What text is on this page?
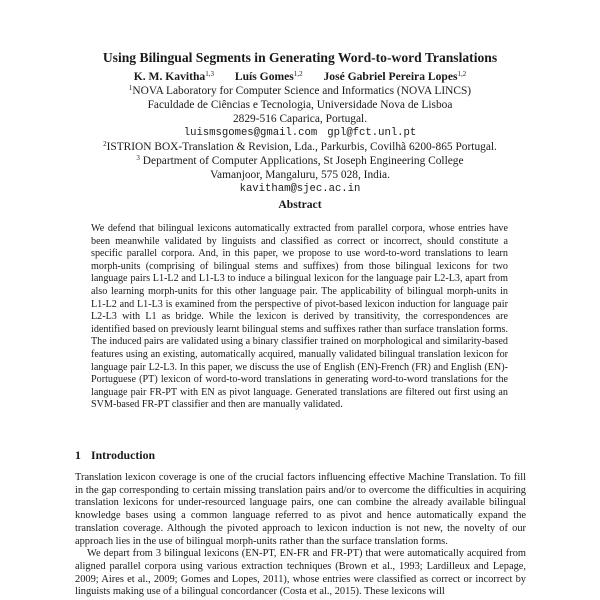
Using Bilingual Segments in Generating Word-to-word Translations
K. M. Kavitha$^{1,3}$ Luís Gomes$^{1,2}$ José Gabriel Pereira Lopes$^{1,2}$
$^1$NOVA Laboratory for Computer Science and Informatics (NOVA LINCS)
Faculdade de Ciências e Tecnologia, Universidade Nova de Lisboa
2829-516 Caparica, Portugal.
luismsgomes@gmail.com gpl@fct.unl.pt
$^2$ISTRION BOX-Translation & Revision, Lda., Parkurbis, Covilhã 6200-865 Portugal.
$^3$ Department of Computer Applications, St Joseph Engineering College
Vamanjoor, Mangaluru, 575 028, India.
kavitham@sjec.ac.in
Abstract
We defend that bilingual lexicons automatically extracted from parallel corpora, whose entries have been meanwhile validated by linguists and classified as correct or incorrect, should constitute a specific parallel corpora. And, in this paper, we propose to use word-to-word translations to learn morph-units (comprising of bilingual stems and suffixes) from those bilingual lexicons for two language pairs L1-L2 and L1-L3 to induce a bilingual lexicon for the language pair L2-L3, apart from also learning morph-units for this other language pair. The applicability of bilingual morph-units in L1-L2 and L1-L3 is examined from the perspective of pivot-based lexicon induction for language pair L2-L3 with L1 as bridge. While the lexicon is derived by transitivity, the correspondences are identified based on previously learnt bilingual stems and suffixes rather than surface translation forms. The induced pairs are validated using a binary classifier trained on morphological and similarity-based features using an existing, automatically acquired, manually validated bilingual translation lexicon for language pair L2-L3. In this paper, we discuss the use of English (EN)-French (FR) and English (EN)-Portuguese (PT) lexicon of word-to-word translations in generating word-to-word translations for the language pair FR-PT with EN as pivot language. Generated translations are filtered out first using an SVM-based FR-PT classifier and then are manually validated.
1 Introduction

Translation lexicon coverage is one of the crucial factors influencing effective Machine Translation. To fill in the gap corresponding to certain missing translation pairs and/or to overcome the difficulties in acquiring translation lexicons for under-resourced language pairs, one can combine the already available bilingual knowledge bases using a common language referred to as pivot and hence automatically expand the translation coverage. Although the pivoted approach to lexicon induction is not new, the novelty of our approach lies in the use of bilingual morph-units rather than the surface translation forms.

We depart from 3 bilingual lexicons (EN-PT, EN-FR and FR-PT) that were automatically acquired from aligned parallel corpora using various extraction techniques (Brown et al., 1993; Lardilleux and Lepage, 2009; Aires et al., 2009; Gomes and Lopes, 2011), whose entries were classified as correct or incorrect by linguists making use of a bilingual concordancer (Costa et al., 2015). These lexicons will
